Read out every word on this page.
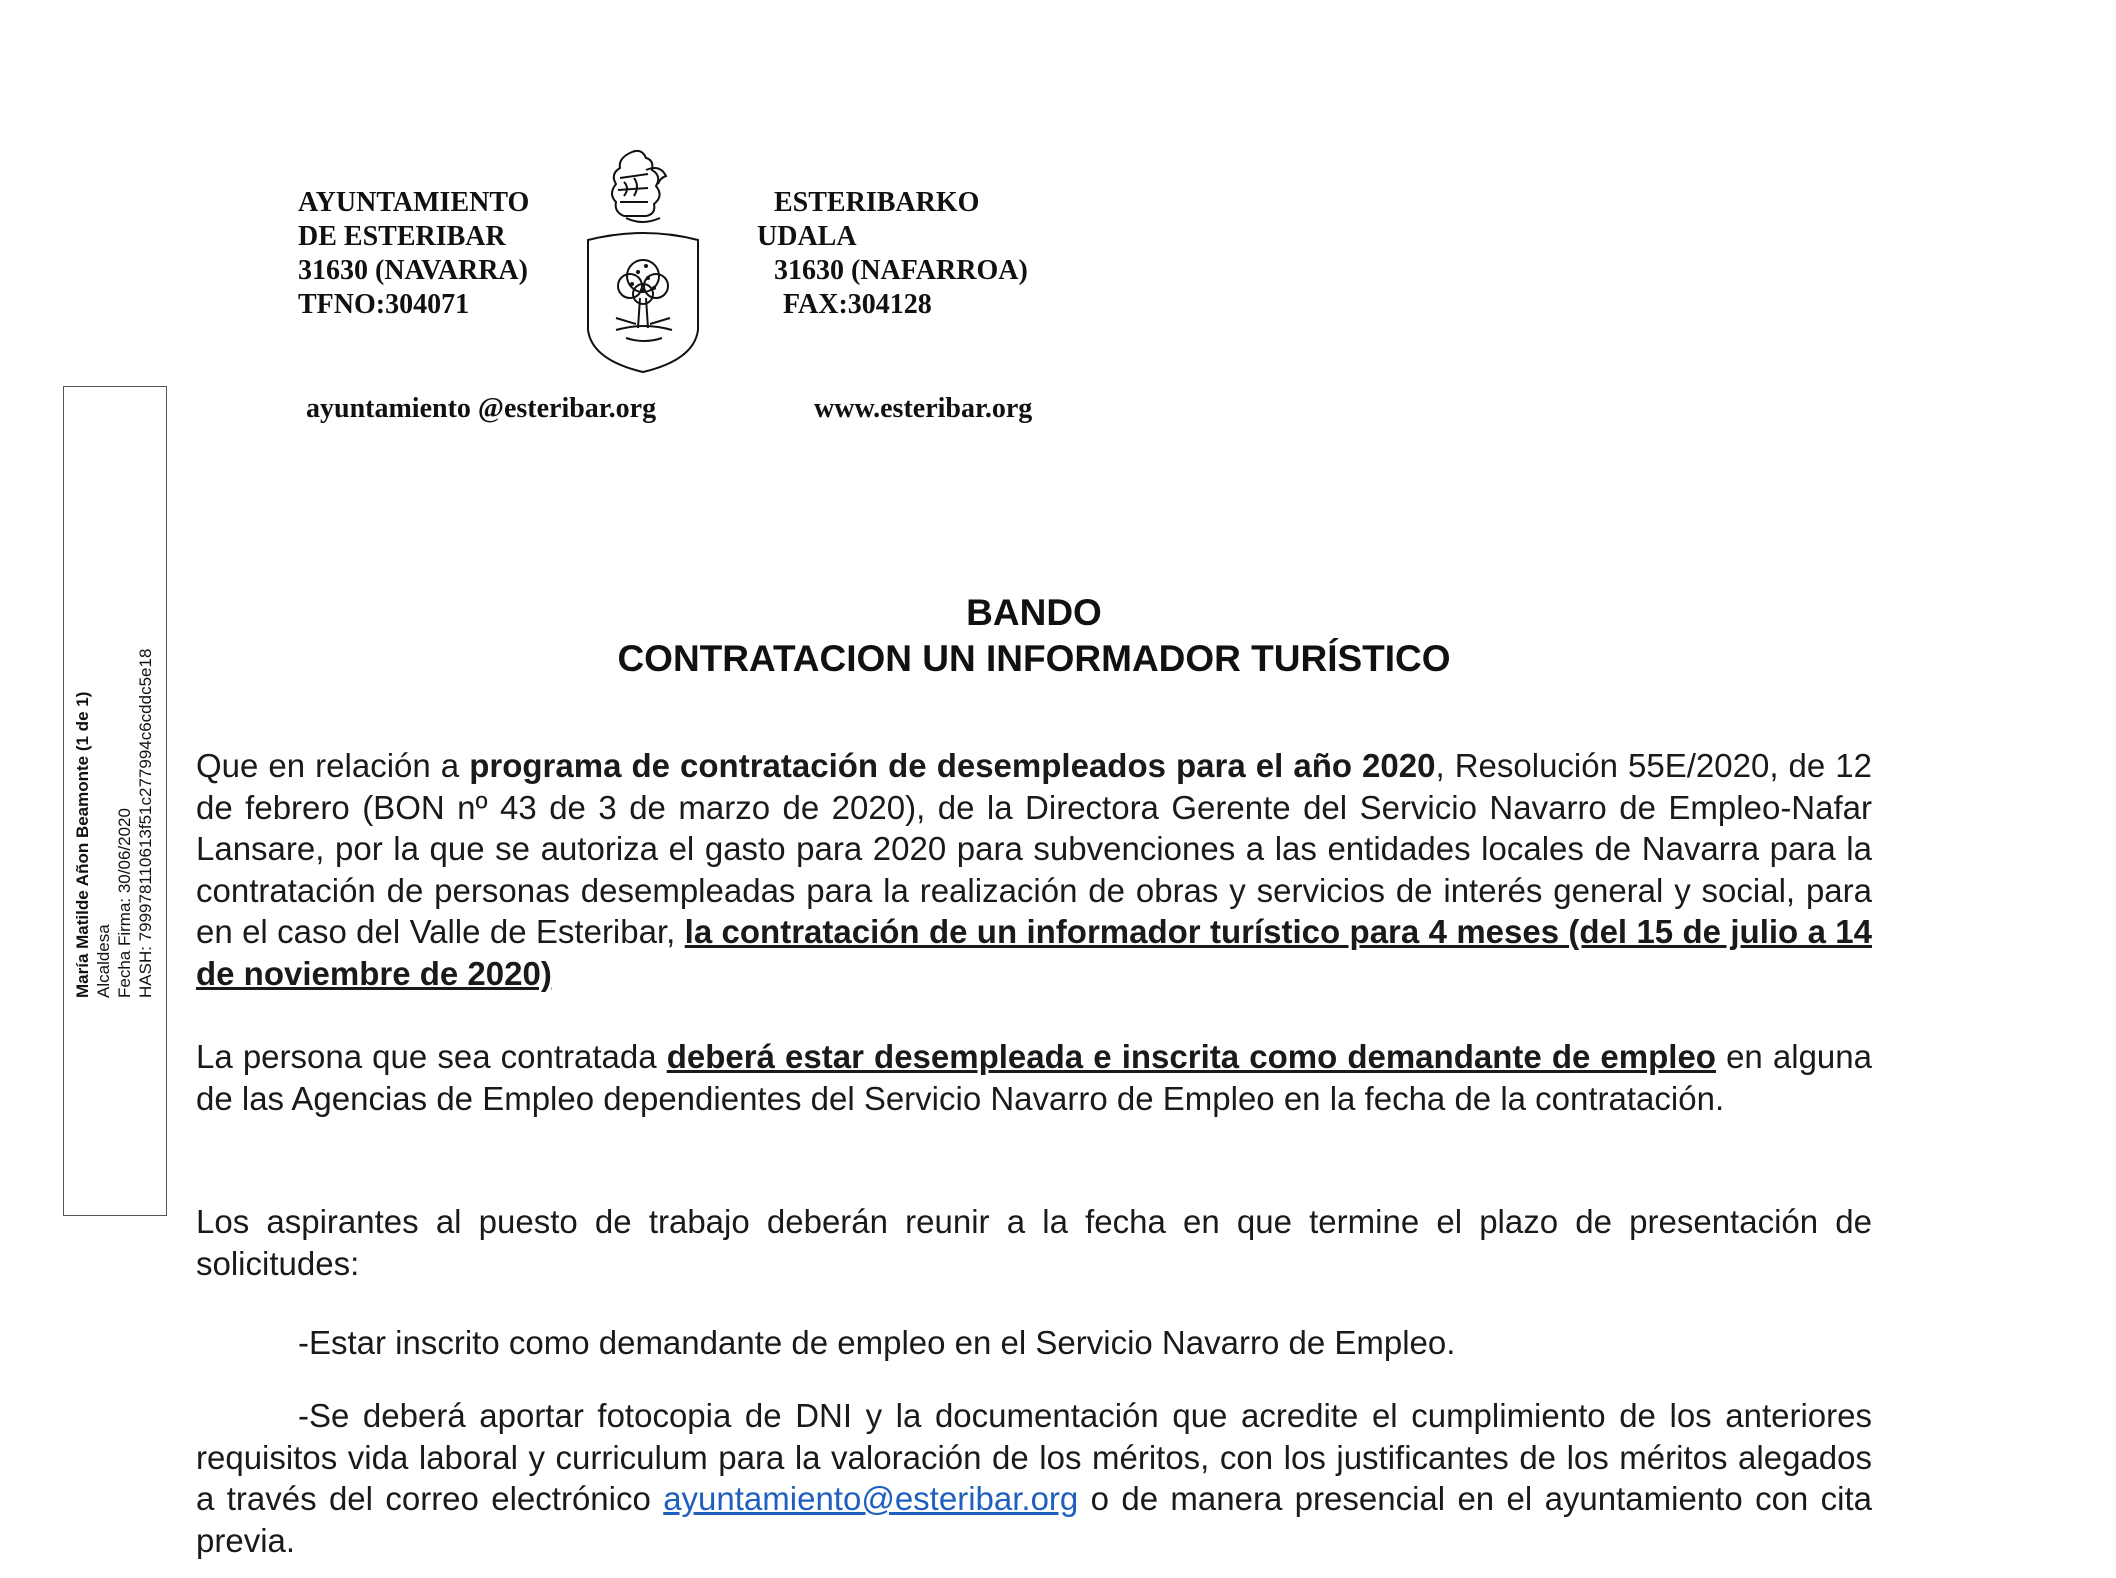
AYUNTAMIENTO
DE ESTERIBAR
31630 (NAVARRA)
TFNO:304071
ESTERIBARKO
UDALA
31630 (NAFARROA)
FAX:304128
ayuntamiento @esteribar.org	www.esteribar.org
María Matilde Añon Beamonte (1 de 1) Alcaldesa Fecha Firma: 30/06/2020 HASH: 799978110613f51c277994c6cddc5e18
BANDO
CONTRATACION UN INFORMADOR TURÍSTICO
Que en relación a programa de contratación de desempleados para el año 2020, Resolución 55E/2020, de 12 de febrero (BON nº 43 de 3 de marzo de 2020), de la Directora Gerente del Servicio Navarro de Empleo-Nafar Lansare, por la que se autoriza el gasto para 2020 para subvenciones a las entidades locales de Navarra para la contratación de personas desempleadas para la realización de obras y servicios de interés general y social, para en el caso del Valle de Esteribar, la contratación de un informador turístico para 4 meses (del 15 de julio a 14 de noviembre de 2020)
La persona que sea contratada deberá estar desempleada e inscrita como demandante de empleo en alguna de las Agencias de Empleo dependientes del Servicio Navarro de Empleo en la fecha de la contratación.
Los aspirantes al puesto de trabajo deberán reunir a la fecha en que termine el plazo de presentación de solicitudes:
-Estar inscrito como demandante de empleo en el Servicio Navarro de Empleo.
-Se deberá aportar fotocopia de DNI y la documentación que acredite el cumplimiento de los anteriores requisitos vida laboral y curriculum para la valoración de los méritos, con los justificantes de los méritos alegados a través del correo electrónico ayuntamiento@esteribar.org o de manera presencial en el ayuntamiento con cita previa.
